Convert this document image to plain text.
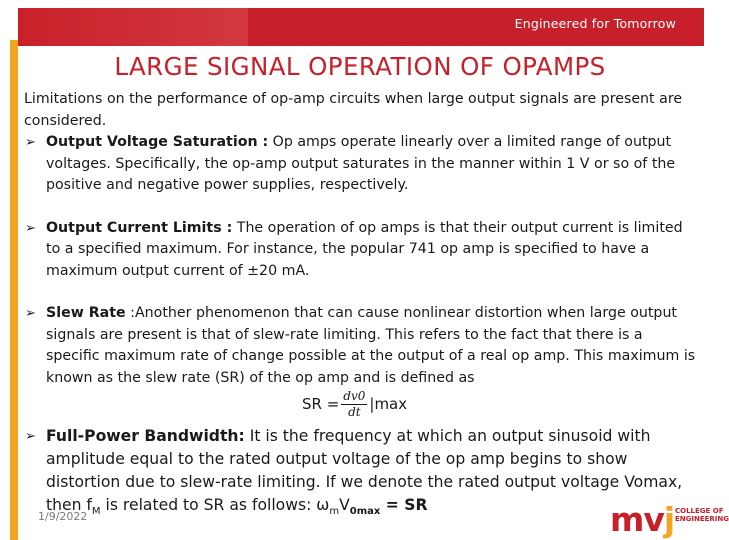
Engineered for Tomorrow
LARGE SIGNAL OPERATION OF OPAMPS

Limitations on the performance of op-amp circuits when large output signals are present are considered.

➢ Output Voltage Saturation : Op amps operate linearly over a limited range of output voltages. Specifically, the op-amp output saturates in the manner within 1 V or so of the positive and negative power supplies, respectively.

➢ Output Current Limits : The operation of op amps is that their output current is limited to a specified maximum. For instance, the popular 741 op amp is specified to have a maximum output current of ±20 mA.

➢ Slew Rate :Another phenomenon that can cause nonlinear distortion when large output signals are present is that of slew-rate limiting. This refers to the fact that there is a specific maximum rate of change possible at the output of a real op amp. This maximum is known as the slew rate (SR) of the op amp and is defined as

SR = $\frac{dv0}{dt} |\max$

➢ Full-Power Bandwidth: It is the frequency at which an output sinusoid with amplitude equal to the rated output voltage of the op amp begins to show distortion due to slew-rate limiting. If we denote the rated output voltage Vomax, then $f_M$ is related to SR as follows: $\omega_mV_{0max}$ = SR

1/9/2022	mvj COLLEGE OF
ENGINEERING
